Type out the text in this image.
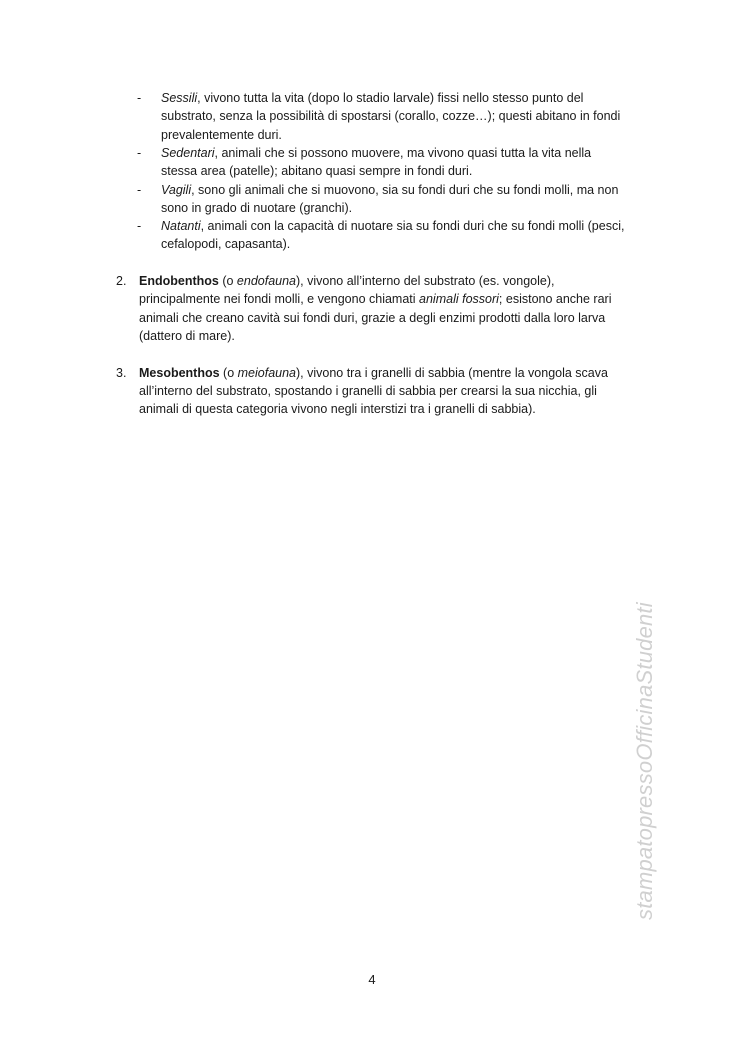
- Sessili, vivono tutta la vita (dopo lo stadio larvale) fissi nello stesso punto del
substrato, senza la possibilità di spostarsi (corallo, cozze…); questi abitano in fondi
prevalentemente duri.
- Sedentari, animali che si possono muovere, ma vivono quasi tutta la vita nella
stessa area (patelle); abitano quasi sempre in fondi duri.
- Vagili, sono gli animali che si muovono, sia su fondi duri che su fondi molli, ma non
sono in grado di nuotare (granchi).
- Natanti, animali con la capacità di nuotare sia su fondi duri che su fondi molli (pesci,
cefalopodi, capasanta).
2. Endobenthos (o endofauna), vivono all’interno del substrato (es. vongole),
principalmente nei fondi molli, e vengono chiamati animali fossori; esistono anche rari
animali che creano cavità sui fondi duri, grazie a degli enzimi prodotti dalla loro larva
(dattero di mare).
3. Mesobenthos (o meiofauna), vivono tra i granelli di sabbia (mentre la vongola scava
all’interno del substrato, spostando i granelli di sabbia per crearsi la sua nicchia, gli
animali di questa categoria vivono negli interstizi tra i granelli di sabbia).
4
stampatopressoOfficinaStudenti
